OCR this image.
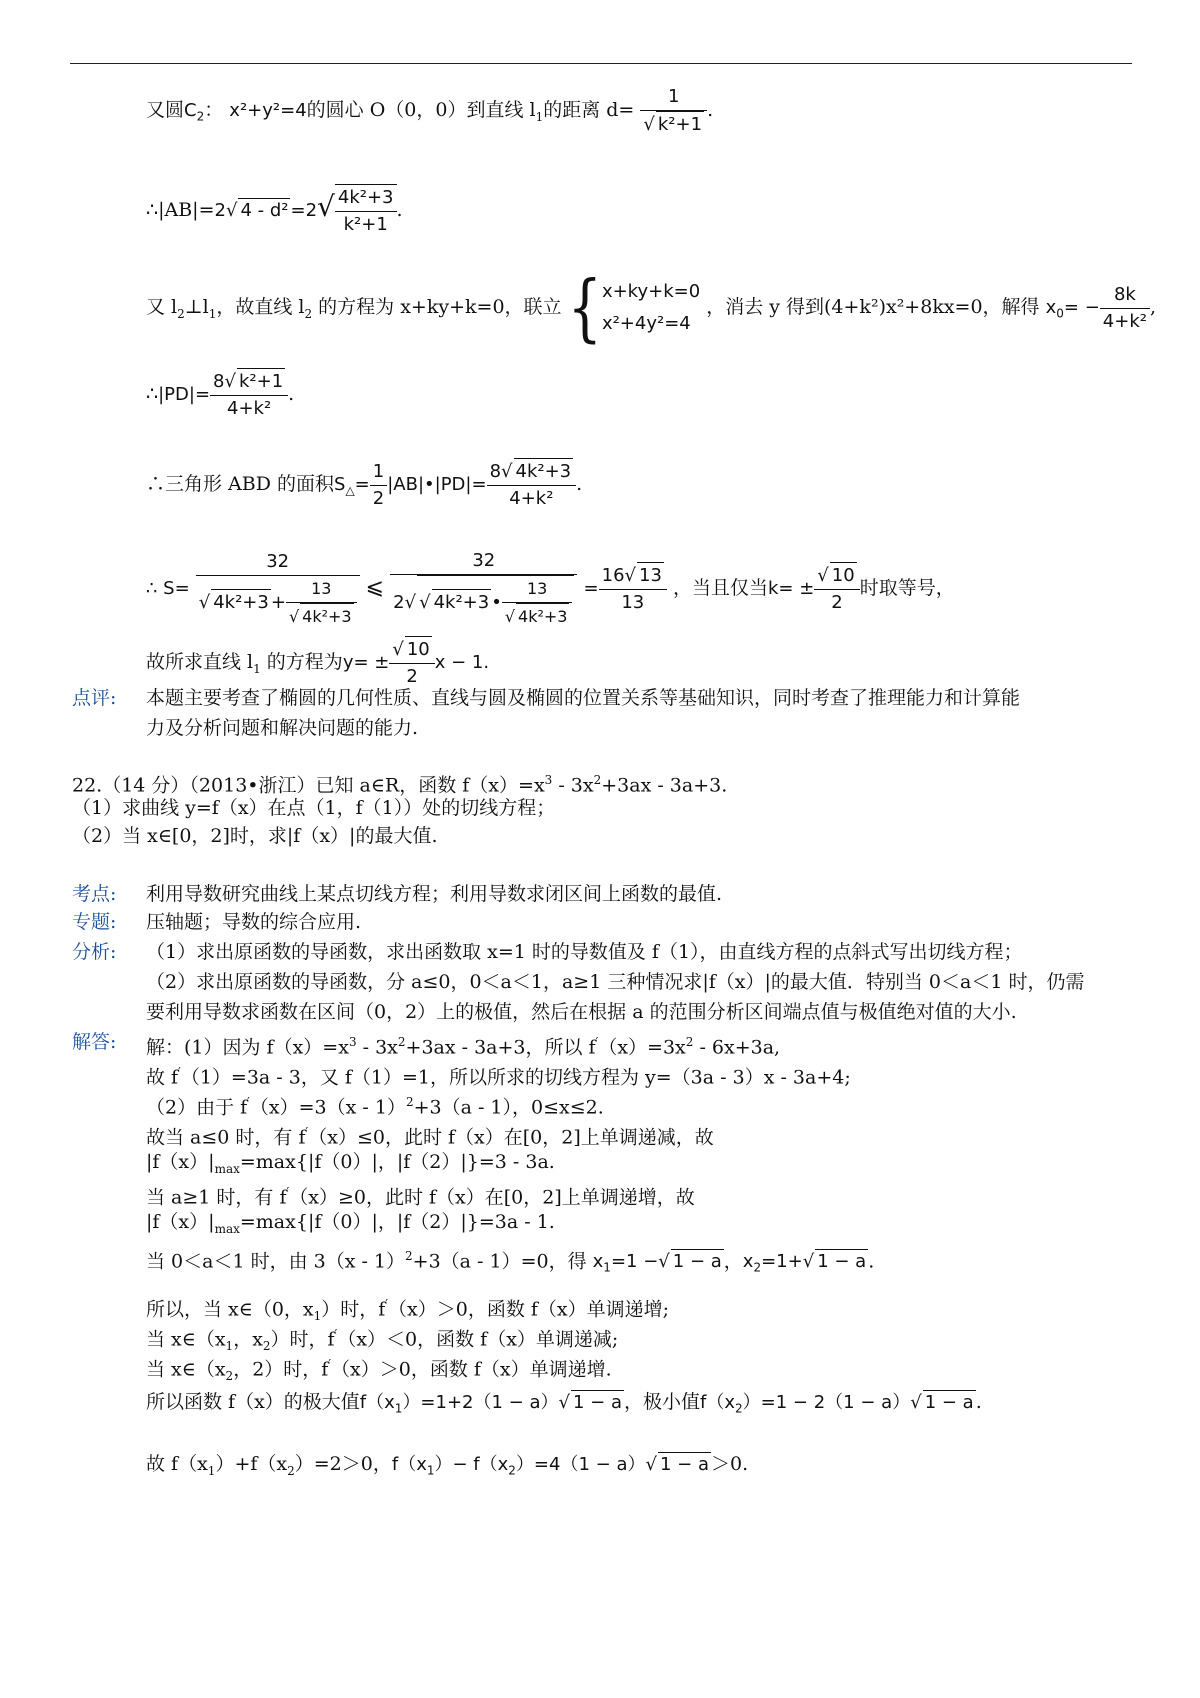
又圆$C_2$： x²+y²=4的圆心 O（0，0）到直线 $l_1$的距离 $d= \frac{1}{\text{√ k²+1}}$ .
∴|AB|=2√ $4 - d^2 =2√ \frac{\text{4k²+3}}{\text{k²+1}}$ .
又 $l_2\perp l_1$，故直线 $l_2$ 的方程为 x+ky+k=0，联立 { x+ky+k=0
x²+4y²=4
，消去 y 得到(4+k²)x²+8kx=0，解得 $x_0= - \frac{8k}{\text{4+k²}}$ ,
∴|PD|= $\frac{\text{8√ k²+1}}{\text{4+k²}}$ .
∴三角形 ABD 的面积$S_\triangle= \frac{1}{2}$ |AB|•|PD|= $\frac{\text{8√ 4k²+3}}{\text{4+k²}}$ .
∴ $S= \frac{32}{√ 4k^2+3 + \frac{13}{\text{√ 4k²+3}}}$ ⩽ $\frac{32}{2√ √ 4k^2+3 • \frac{13}{\text{√ 4k²+3}}} = \frac{16√ 13}{13}$ ，当且仅当$k= \pm \frac{√ 10}{2}$ 时取等号，
故所求直线 $l_1$ 的方程为$y= \pm \frac{√ 10}{2}$ x − 1.
点评: 本题主要考查了椭圆的几何性质、直线与圆及椭圆的位置关系等基础知识，同时考查了推理能力和计算能
力及分析问题和解决问题的能力.
22.（14 分）（2013•浙江）已知 a∈R，函数 $f(x)=x^3 - 3x^2+3ax - 3a+3$.
（1）求曲线 y=f（x）在点（1，f（1））处的切线方程；
（2）当 x∈[0，2]时，求|f（x）|的最大值.
考点: 利用导数研究曲线上某点切线方程；利用导数求闭区间上函数的最值.
专题: 压轴题；导数的综合应用.
分析: （1）求出原函数的导函数，求出函数取 x=1 时的导数值及 f（1），由直线方程的点斜式写出切线方程；
（2）求出原函数的导函数，分 a≤0，0＜a＜1，a≥1 三种情况求|f（x）|的最大值．特别当 0＜a＜1 时，仍需
要利用导数求函数在区间（0，2）上的极值，然后在根据 a 的范围分析区间端点值与极值绝对值的大小.
解答: 解：(1）因为 $f(x)=x^3 - 3x^2+3ax - 3a+3$，所以 $f'(x)=3x^2 - 6x+3a$,
故 f′（1）=3a - 3，又 f（1）=1，所以所求的切线方程为 y=（3a - 3）x - 3a+4;
（2）由于 f′（x）=3（x - 1）$^2$+3（a - 1），0≤x≤2.
故当 a≤0 时，有 f′（x）≤0，此时 f（x）在[0，2]上单调递减，故
$|f(x)|_{max}=\max\{|f(0)|$，|f（2）|}=3 - 3a.
当 a≥1 时，有 f′（x）≥0，此时 f（x）在[0，2]上单调递增，故
$|f(x)|_{max}=\max\{|f(0)|$，|f（2）|}=3a - 1.
当 0＜a＜1 时，由 3（x - 1）$^2$+3（a - 1）=0，得 $x_1=1$ −√ 1 − a ，$x_2=1+√$ 1 − a .
所以，当 x∈（0，$x_1$）时，f′（x）＞0，函数 f（x）单调递增;
当 $x\in(x_1$，$x_2$）时，f′（x）＜0，函数 f（x）单调递减;
当 $x\in(x_2$，2）时，f′（x）＞0，函数 f（x）单调递增.
所以函数 f（x）的极大值$f(x_1)=1+2(1 - a)√$ 1 − a ，极小值$f(x_2)=1 - 2(1 - a)√$ 1 − a .
故 $f(x_1)+f(x_2)=2>0$，$f(x_1)- f(x_2)=4(1 - a)√$ 1 − a ＞0.
